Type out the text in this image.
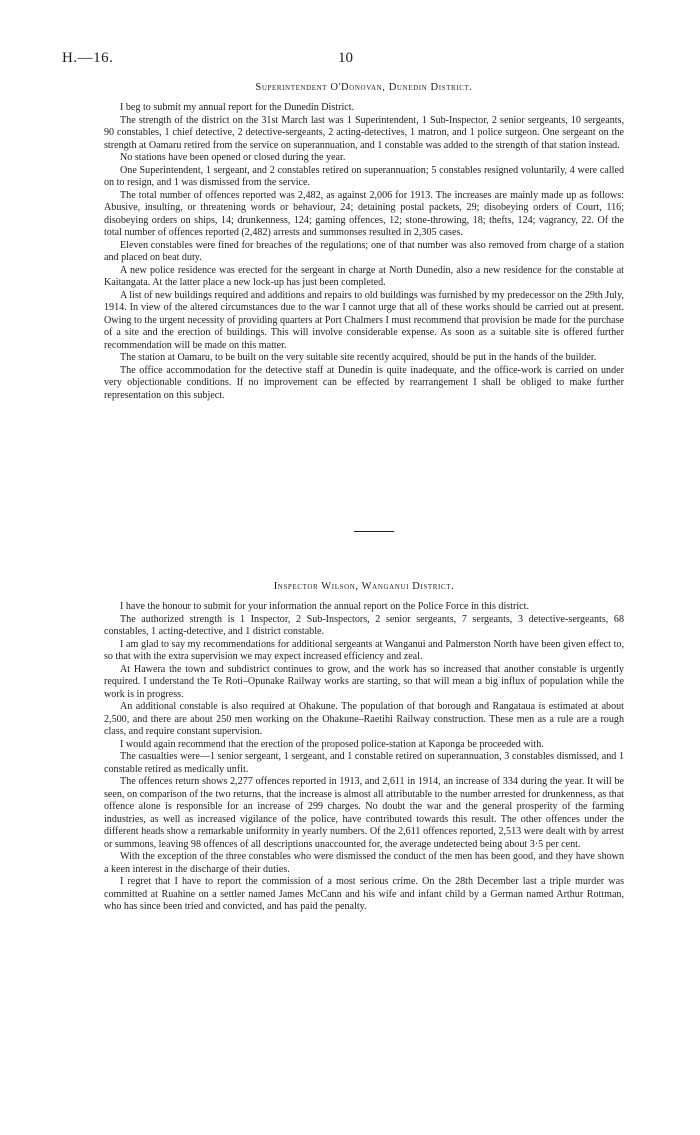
H.—16.	10
Superintendent O'Donovan, Dunedin District.

I beg to submit my annual report for the Dunedin District.

The strength of the district on the 31st March last was 1 Superintendent, 1 Sub-Inspector, 2 senior sergeants, 10 sergeants, 90 constables, 1 chief detective, 2 detective-sergeants, 2 acting-detectives, 1 matron, and 1 police surgeon. One sergeant on the strength at Oamaru retired from the service on superannuation, and 1 constable was added to the strength of that station instead.

No stations have been opened or closed during the year.

One Superintendent, 1 sergeant, and 2 constables retired on superannuation; 5 constables resigned voluntarily, 4 were called on to resign, and 1 was dismissed from the service.

The total number of offences reported was 2,482, as against 2,006 for 1913. The increases are mainly made up as follows: Abusive, insulting, or threatening words or behaviour, 24; detaining postal packets, 29; disobeying orders of Court, 116; disobeying orders on ships, 14; drunkenness, 124; gaming offences, 12; stone-throwing, 18; thefts, 124; vagrancy, 22. Of the total number of offences reported (2,482) arrests and summonses resulted in 2,305 cases.

Eleven constables were fined for breaches of the regulations; one of that number was also removed from charge of a station and placed on beat duty.

A new police residence was erected for the sergeant in charge at North Dunedin, also a new residence for the constable at Kaitangata. At the latter place a new lock-up has just been completed.

A list of new buildings required and additions and repairs to old buildings was furnished by my predecessor on the 29th July, 1914. In view of the altered circumstances due to the war I cannot urge that all of these works should be carried out at present. Owing to the urgent necessity of providing quarters at Port Chalmers I must recommend that provision be made for the purchase of a site and the erection of buildings. This will involve considerable expense. As soon as a suitable site is offered further recommendation will be made on this matter.

The station at Oamaru, to be built on the very suitable site recently acquired, should be put in the hands of the builder.

The office accommodation for the detective staff at Dunedin is quite inadequate, and the office-work is carried on under very objectionable conditions. If no improvement can be effected by rearrangement I shall be obliged to make further representation on this subject.

Inspector Wilson, Wanganui District.

I have the honour to submit for your information the annual report on the Police Force in this district.

The authorized strength is 1 Inspector, 2 Sub-Inspectors, 2 senior sergeants, 7 sergeants, 3 detective-sergeants, 68 constables, 1 acting-detective, and 1 district constable.

I am glad to say my recommendations for additional sergeants at Wanganui and Palmerston North have been given effect to, so that with the extra supervision we may expect increased efficiency and zeal.

At Hawera the town and subdistrict continues to grow, and the work has so increased that another constable is urgently required. I understand the Te Roti–Opunake Railway works are starting, so that will mean a big influx of population while the work is in progress.

An additional constable is also required at Ohakune. The population of that borough and Rangataua is estimated at about 2,500, and there are about 250 men working on the Ohakune–Raetihi Railway construction. These men as a rule are a rough class, and require constant supervision.

I would again recommend that the erection of the proposed police-station at Kaponga be proceeded with.

The casualties were—1 senior sergeant, 1 sergeant, and 1 constable retired on superannuation, 3 constables dismissed, and 1 constable retired as medically unfit.

The offences return shows 2,277 offences reported in 1913, and 2,611 in 1914, an increase of 334 during the year. It will be seen, on comparison of the two returns, that the increase is almost all attributable to the number arrested for drunkenness, as that offence alone is responsible for an increase of 299 charges. No doubt the war and the general prosperity of the farming industries, as well as increased vigilance of the police, have contributed towards this result. The other offences under the different heads show a remarkable uniformity in yearly numbers. Of the 2,611 offences reported, 2,513 were dealt with by arrest or summons, leaving 98 offences of all descriptions unaccounted for, the average undetected being about 3·5 per cent.

With the exception of the three constables who were dismissed the conduct of the men has been good, and they have shown a keen interest in the discharge of their duties.

I regret that I have to report the commission of a most serious crime. On the 28th December last a triple murder was committed at Ruahine on a settler named James McCann and his wife and infant child by a German named Arthur Rottman, who has since been tried and convicted, and has paid the penalty.
